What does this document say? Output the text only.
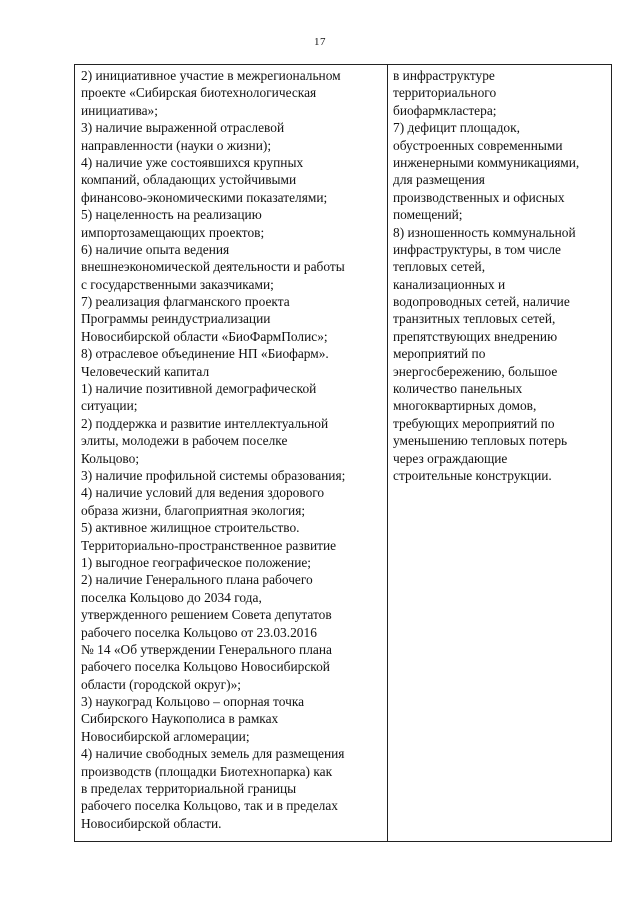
17
2) инициативное участие в межрегиональном
проекте «Сибирская биотехнологическая
инициатива»;
3) наличие выраженной отраслевой
направленности (науки о жизни);
4) наличие уже состоявшихся крупных
компаний, обладающих устойчивыми
финансово-экономическими показателями;
5) нацеленность на реализацию
импортозамещающих проектов;
6) наличие опыта ведения
внешнеэкономической деятельности и работы
с государственными заказчиками;
7) реализация флагманского проекта
Программы реиндустриализации
Новосибирской области «БиоФармПолис»;
8) отраслевое объединение НП «Биофарм».
Человеческий капитал
1) наличие позитивной демографической
ситуации;
2) поддержка и развитие интеллектуальной
элиты, молодежи в рабочем поселке
Кольцово;
3) наличие профильной системы образования;
4) наличие условий для ведения здорового
образа жизни, благоприятная экология;
5) активное жилищное строительство.
Территориально-пространственное развитие
1) выгодное географическое положение;
2) наличие Генерального плана рабочего
поселка Кольцово до 2034 года,
утвержденного решением Совета депутатов
рабочего поселка Кольцово от 23.03.2016
№ 14 «Об утверждении Генерального плана
рабочего поселка Кольцово Новосибирской
области (городской округ)»;
3) наукоград Кольцово – опорная точка
Сибирского Наукополиса в рамках
Новосибирской агломерации;
4) наличие свободных земель для размещения
производств (площадки Биотехнопарка) как
в пределах территориальной границы
рабочего поселка Кольцово, так и в пределах
Новосибирской области.
в инфраструктуре
территориального
биофармкластера;
7) дефицит площадок,
обустроенных современными
инженерными коммуникациями,
для размещения
производственных и офисных
помещений;
8) изношенность коммунальной
инфраструктуры, в том числе
тепловых сетей,
канализационных и
водопроводных сетей, наличие
транзитных тепловых сетей,
препятствующих внедрению
мероприятий по
энергосбережению, большое
количество панельных
многоквартирных домов,
требующих мероприятий по
уменьшению тепловых потерь
через ограждающие
строительные конструкции.
